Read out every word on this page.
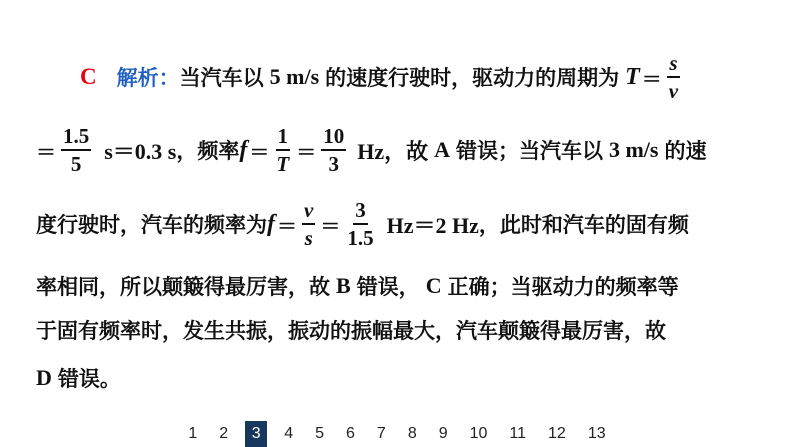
C 解析： 当汽车以 5 m/s 的速度行驶时，驱动力的周期为 $T = \frac{s}{v}$
＝ $\frac{1.5}{5} s=0.3$ s ，频率 $f = \frac{1}{T} = \frac{10}{3}$ Hz，故 A 错误；当汽车以 3 m/s 的速
度行驶时，汽车的频率为 $f = \frac{v}{s} = \frac{3}{1.5} Hz=2$ Hz ，此时和汽车的固有频
率相同，所以颠簸得最厉害，故 B 错误， C 正确；当驱动力的频率等
于固有频率时，发生共振，振动的振幅最大，汽车颠簸得最厉害，故
D 错误。
1	2	3	4	5	6	7	8	9	10	11	12	13
